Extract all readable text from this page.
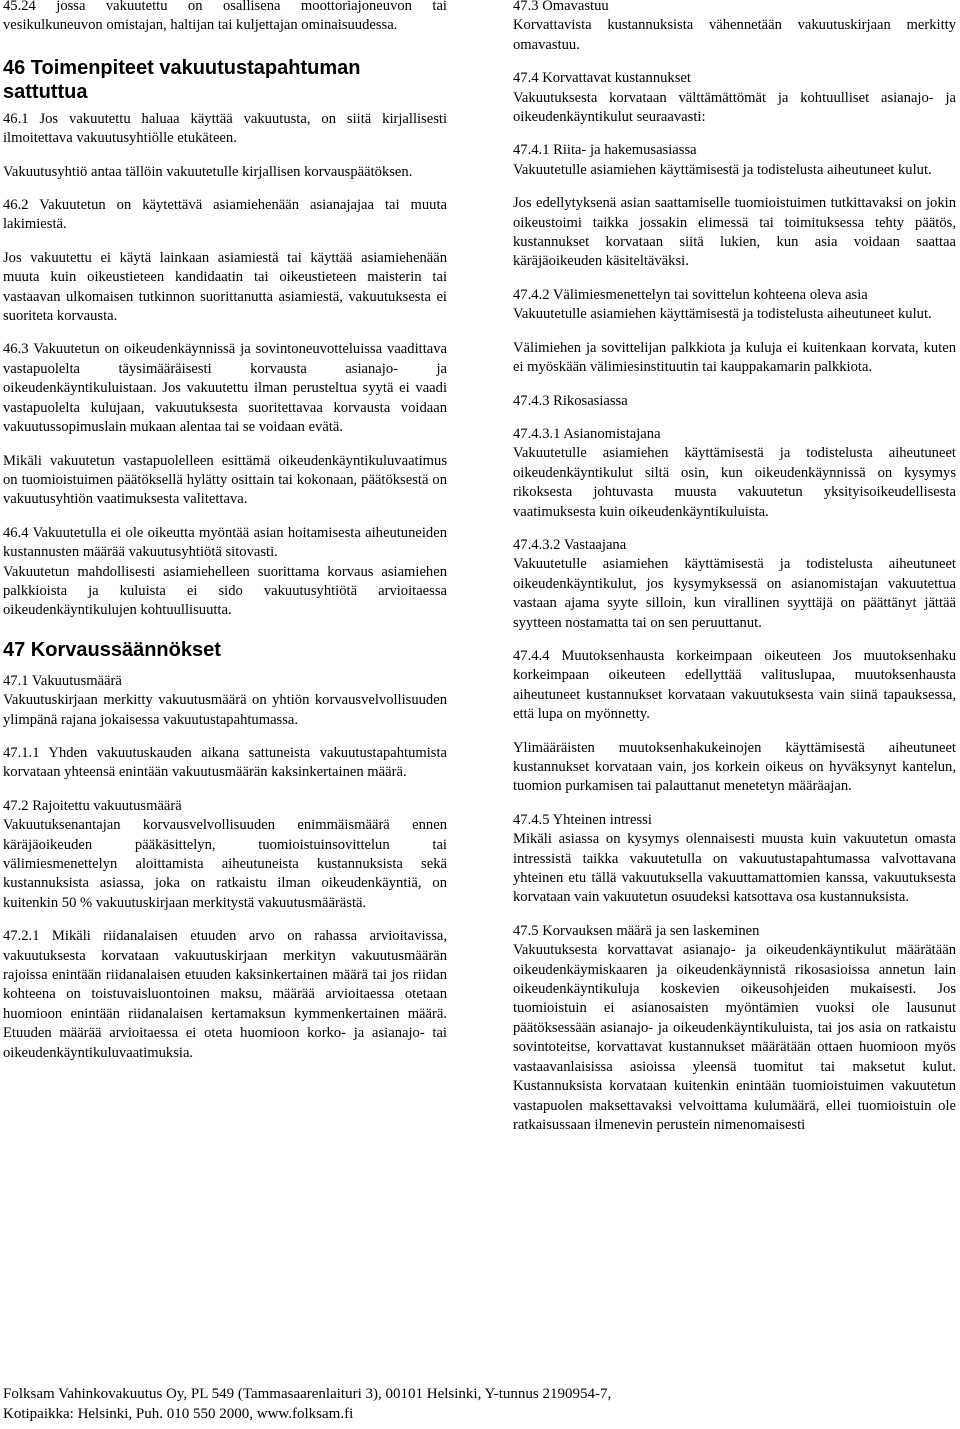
45.24 jossa vakuutettu on osallisena moottoriajoneuvon tai vesikulkuneuvon omistajan, haltijan tai kuljettajan ominaisuudessa.

46 Toimenpiteet vakuutustapahtuman sattuttua

46.1 Jos vakuutettu haluaa käyttää vakuutusta, on siitä kirjallisesti ilmoitettava vakuutusyhtiölle etukäteen.

Vakuutusyhtiö antaa tällöin vakuutetulle kirjallisen korvauspäätöksen.

46.2 Vakuutetun on käytettävä asiamiehenään asianajajaa tai muuta lakimiestä.

Jos vakuutettu ei käytä lainkaan asiamiestä tai käyttää asiamiehenään muuta kuin oikeustieteen kandidaatin tai oikeustieteen maisterin tai vastaavan ulkomaisen tutkinnon suorittanutta asiamiestä, vakuutuksesta ei suoriteta korvausta.

46.3 Vakuutetun on oikeudenkäynnissä ja sovintoneuvotteluissa vaadittava vastapuolelta täysimääräisesti korvausta asianajo- ja oikeudenkäyntikuluistaan. Jos vakuutettu ilman perusteltua syytä ei vaadi vastapuolelta kulujaan, vakuutuksesta suoritettavaa korvausta voidaan vakuutussopimuslain mukaan alentaa tai se voidaan evätä.

Mikäli vakuutetun vastapuolelleen esittämä oikeudenkäyntikuluvaatimus on tuomioistuimen päätöksellä hylätty osittain tai kokonaan, päätöksestä on vakuutusyhtiön vaatimuksesta valitettava.

46.4 Vakuutetulla ei ole oikeutta myöntää asian hoitamisesta aiheutuneiden kustannusten määrää vakuutusyhtiötä sitovasti.
Vakuutetun mahdollisesti asiamiehelleen suorittama korvaus asiamiehen palkkioista ja kuluista ei sido vakuutusyhtiötä arvioitaessa oikeudenkäyntikulujen kohtuullisuutta.

47 Korvaussäännökset

47.1 Vakuutusmäärä
Vakuutuskirjaan merkitty vakuutusmäärä on yhtiön korvausvelvollisuuden ylimpänä rajana jokaisessa vakuutustapahtumassa.

47.1.1 Yhden vakuutuskauden aikana sattuneista vakuutustapahtumista korvataan yhteensä enintään vakuutusmäärän kaksinkertainen määrä.

47.2 Rajoitettu vakuutusmäärä
Vakuutuksenantajan korvausvelvollisuuden enimmäismäärä ennen käräjäoikeuden pääkäsittelyn, tuomioistuinsovittelun tai välimiesmenettelyn aloittamista aiheutuneista kustannuksista sekä kustannuksista asiassa, joka on ratkaistu ilman oikeudenkäyntiä, on kuitenkin 50 % vakuutuskirjaan merkitystä vakuutusmäärästä.

47.2.1 Mikäli riidanalaisen etuuden arvo on rahassa arvioitavissa, vakuutuksesta korvataan vakuutuskirjaan merkityn vakuutusmäärän rajoissa enintään riidanalaisen etuuden kaksinkertainen määrä tai jos riidan kohteena on toistuvaisluontoinen maksu, määrää arvioitaessa otetaan huomioon enintään riidanalaisen kertamaksun kymmenkertainen määrä. Etuuden määrää arvioitaessa ei oteta huomioon korko- ja asianajo- tai oikeudenkäyntikuluvaatimuksia.

47.3 Omavastuu
Korvattavista kustannuksista vähennetään vakuutuskirjaan merkitty omavastuu.

47.4 Korvattavat kustannukset
Vakuutuksesta korvataan välttämättömät ja kohtuulliset asianajo- ja oikeudenkäyntikulut seuraavasti:

47.4.1 Riita- ja hakemusasiassa
Vakuutetulle asiamiehen käyttämisestä ja todistelusta aiheutuneet kulut.

Jos edellytyksenä asian saattamiselle tuomioistuimen tutkittavaksi on jokin oikeustoimi taikka jossakin elimessä tai toimituksessa tehty päätös, kustannukset korvataan siitä lukien, kun asia voidaan saattaa käräjäoikeuden käsiteltäväksi.

47.4.2 Välimiesmenettelyn tai sovittelun kohteena oleva asia
Vakuutetulle asiamiehen käyttämisestä ja todistelusta aiheutuneet kulut.

Välimiehen ja sovittelijan palkkiota ja kuluja ei kuitenkaan korvata, kuten ei myöskään välimiesinstituutin tai kauppakamarin palkkiota.

47.4.3 Rikosasiassa

47.4.3.1 Asianomistajana
Vakuutetulle asiamiehen käyttämisestä ja todistelusta aiheutuneet oikeudenkäyntikulut siltä osin, kun oikeudenkäynnissä on kysymys rikoksesta johtuvasta muusta vakuutetun yksityisoikeudellisesta vaatimuksesta kuin oikeudenkäyntikuluista.

47.4.3.2 Vastaajana
Vakuutetulle asiamiehen käyttämisestä ja todistelusta aiheutuneet oikeudenkäyntikulut, jos kysymyksessä on asianomistajan vakuutettua vastaan ajama syyte silloin, kun virallinen syyttäjä on päättänyt jättää syytteen nostamatta tai on sen peruuttanut.

47.4.4 Muutoksenhausta korkeimpaan oikeuteen Jos muutoksenhaku korkeimpaan oikeuteen edellyttää valituslupaa, muutoksenhausta aiheutuneet kustannukset korvataan vakuutuksesta vain siinä tapauksessa, että lupa on myönnetty.

Ylimääräisten muutoksenhakukeinojen käyttämisestä aiheutuneet kustannukset korvataan vain, jos korkein oikeus on hyväksynyt kantelun, tuomion purkamisen tai palauttanut menetetyn määräajan.

47.4.5 Yhteinen intressi
Mikäli asiassa on kysymys olennaisesti muusta kuin vakuutetun omasta intressistä taikka vakuutetulla on vakuutustapahtumassa valvottavana yhteinen etu tällä vakuutuksella vakuuttamattomien kanssa, vakuutuksesta korvataan vain vakuutetun osuudeksi katsottava osa kustannuksista.

47.5 Korvauksen määrä ja sen laskeminen
Vakuutuksesta korvattavat asianajo- ja oikeudenkäyntikulut määrätään oikeudenkäymiskaaren ja oikeudenkäynnistä rikosasioissa annetun lain oikeudenkäyntikuluja koskevien oikeusohjeiden mukaisesti. Jos tuomioistuin ei asianosaisten myöntämien vuoksi ole lausunut päätöksessään asianajo- ja oikeudenkäyntikuluista, tai jos asia on ratkaistu sovintoteitse, korvattavat kustannukset määrätään ottaen huomioon myös vastaavanlaisissa asioissa yleensä tuomitut tai maksetut kulut. Kustannuksista korvataan kuitenkin enintään tuomioistuimen vakuutetun vastapuolen maksettavaksi velvoittama kulumäärä, ellei tuomioistuin ole ratkaisussaan ilmenevin perustein nimenomaisesti

Folksam Vahinkovakuutus Oy, PL 549 (Tammasaarenlaituri 3), 00101 Helsinki, Y-tunnus 2190954-7,
Kotipaikka: Helsinki, Puh. 010 550 2000, www.folksam.fi
